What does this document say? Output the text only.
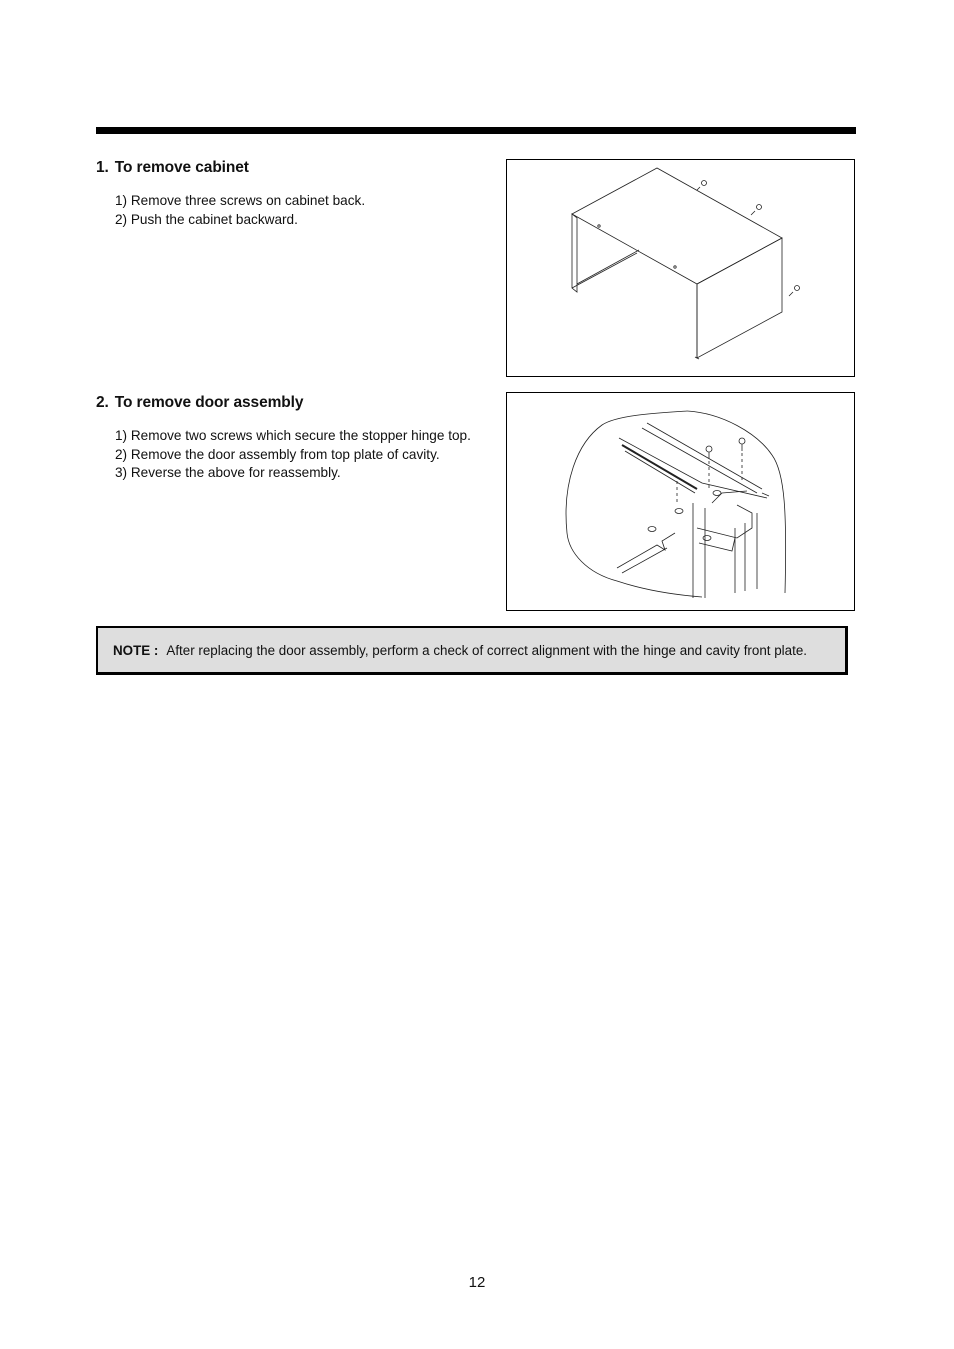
1. To remove cabinet
1) Remove three screws on cabinet back.
2) Push the cabinet backward.
2. To remove door assembly
1) Remove two screws which secure the stopper hinge top.
2) Remove the door assembly from top plate of cavity.
3) Reverse the above for reassembly.
NOTE : After replacing the door assembly, perform a check of correct alignment with the hinge and cavity front plate.
12
